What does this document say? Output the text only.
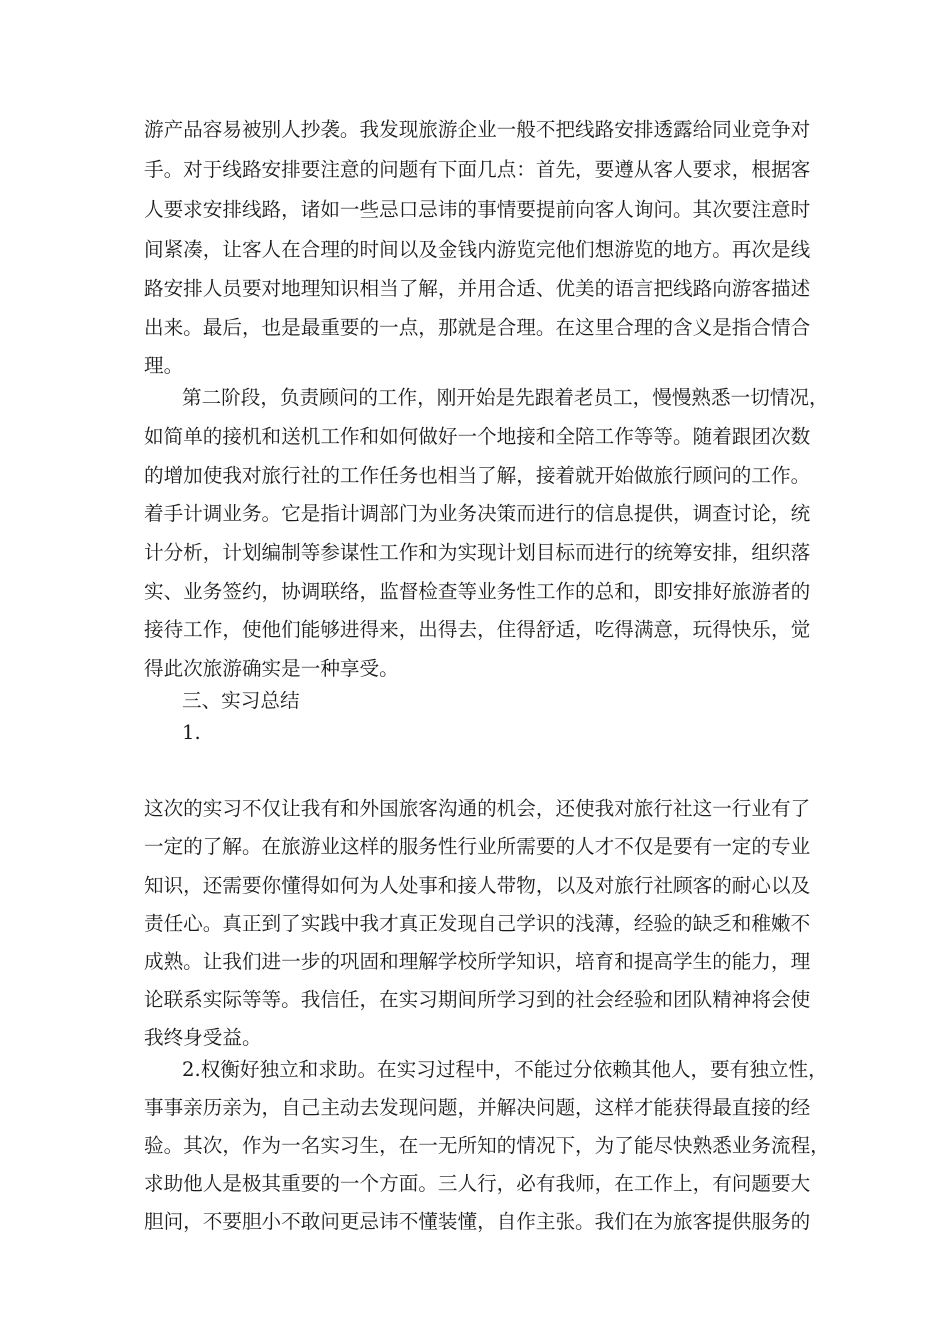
游产品容易被别人抄袭。我发现旅游企业一般不把线路安排透露给同业竞争对
手。对于线路安排要注意的问题有下面几点：首先，要遵从客人要求，根据客
人要求安排线路，诸如一些忌口忌讳的事情要提前向客人询问。其次要注意时
间紧凑，让客人在合理的时间以及金钱内游览完他们想游览的地方。再次是线
路安排人员要对地理知识相当了解，并用合适、优美的语言把线路向游客描述
出来。最后，也是最重要的一点，那就是合理。在这里合理的含义是指合情合
理。
第二阶段，负责顾问的工作，刚开始是先跟着老员工，慢慢熟悉一切情况，
如简单的接机和送机工作和如何做好一个地接和全陪工作等等。随着跟团次数
的增加使我对旅行社的工作任务也相当了解，接着就开始做旅行顾问的工作。
着手计调业务。它是指计调部门为业务决策而进行的信息提供，调查讨论，统
计分析，计划编制等参谋性工作和为实现计划目标而进行的统筹安排，组织落
实、业务签约，协调联络，监督检查等业务性工作的总和，即安排好旅游者的
接待工作，使他们能够进得来，出得去，住得舒适，吃得满意，玩得快乐，觉
得此次旅游确实是一种享受。
三、实习总结
1.
这次的实习不仅让我有和外国旅客沟通的机会，还使我对旅行社这一行业有了
一定的了解。在旅游业这样的服务性行业所需要的人才不仅是要有一定的专业
知识，还需要你懂得如何为人处事和接人带物，以及对旅行社顾客的耐心以及
责任心。真正到了实践中我才真正发现自己学识的浅薄，经验的缺乏和稚嫩不
成熟。让我们进一步的巩固和理解学校所学知识，培育和提高学生的能力，理
论联系实际等等。我信任，在实习期间所学习到的社会经验和团队精神将会使
我终身受益。
2.权衡好独立和求助。在实习过程中，不能过分依赖其他人，要有独立性，
事事亲历亲为，自己主动去发现问题，并解决问题，这样才能获得最直接的经
验。其次，作为一名实习生，在一无所知的情况下，为了能尽快熟悉业务流程，
求助他人是极其重要的一个方面。三人行，必有我师，在工作上，有问题要大
胆问，不要胆小不敢问更忌讳不懂装懂，自作主张。我们在为旅客提供服务的
